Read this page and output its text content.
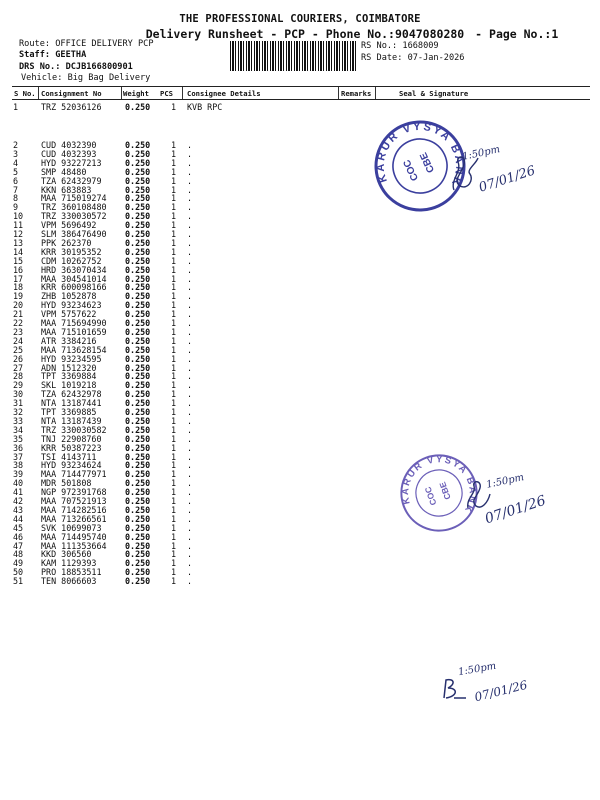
THE PROFESSIONAL COURIERS, COIMBATORE
Delivery Runsheet - PCP - Phone No.:9047080280 - Page No.:1
Route: OFFICE DELIVERY PCP
Staff: GEETHA
DRS No.: DCJB166800901
Vehicle: Big Bag Delivery
RS No.: 1668009
RS Date: 07-Jan-2026
S No. Consignment No	Weight PCS Consignee Details	Remarks	Seal & Signature
1	TRZ 52036126	0.250 1 KVB RPC
2	CUD 4032390	0.250 1 .
3	CUD 4032393	0.250 1 .
4	HYD 93227213	0.250 1 .
5	SMP 48480	0.250 1 .
6	TZA 62432979	0.250 1 .
7	KKN 683883	0.250 1 .
8	MAA 715019274 0.250 1 .
9	TRZ 360108480 0.250 1 .
10 TRZ 330030572 0.250 1 .
11 VPM 5696492	0.250 1 .
12 SLM 386476490 0.250 1 .
13 PPK 262370	0.250 1 .
14 KRR 30195352	0.250 1 .
15 CDM 10262752	0.250 1 .
16 HRD 363070434 0.250 1 .
17 MAA 304541014 0.250 1 .
18 KRR 600098166 0.250 1 .
19 ZHB 1052878	0.250 1 .
20 HYD 93234623	0.250 1 .
21 VPM 5757622	0.250 1 .
22 MAA 715694990 0.250 1 .
23 MAA 715101659 0.250 1 .
24 ATR 3384216	0.250 1 .
25 MAA 713628154 0.250 1 .
26 HYD 93234595	0.250 1 .
27 ADN 1512320	0.250 1 .
28 TPT 3369884	0.250 1 .
29 SKL 1019218	0.250 1 .
30 TZA 62432978	0.250 1 .
31 NTA 13187441	0.250 1 .
32 TPT 3369885	0.250 1 .
33 NTA 13187439	0.250 1 .
34 TRZ 330030582 0.250 1 .
35 TNJ 22908760	0.250 1 .
36 KRR 50387223	0.250 1 .
37 TSI 4143711	0.250 1 .
38 HYD 93234624	0.250 1 .
39 MAA 714477971 0.250 1 .
40 MDR 501808	0.250 1 .
41 NGP 972391768 0.250 1 .
42 MAA 707521913 0.250 1 .
43 MAA 714282516 0.250 1 .
44 MAA 713266561 0.250 1 .
45 SVK 10699073	0.250 1 .
46 MAA 714495740 0.250 1 .
47 MAA 111353664 0.250 1 .
48 KKD 306560	0.250 1 .
49 KAM 1129393	0.250 1 .
50 PRO 18853511	0.250 1 .
51 TEN 8066603	0.250 1 .
KARUR VYSYA BANK
COC
CBE
KARUR VYSYA BANK
COC
CBE
1:50pm
07/01/26
1:50pm
07/01/26
1:50pm
07/01/26
